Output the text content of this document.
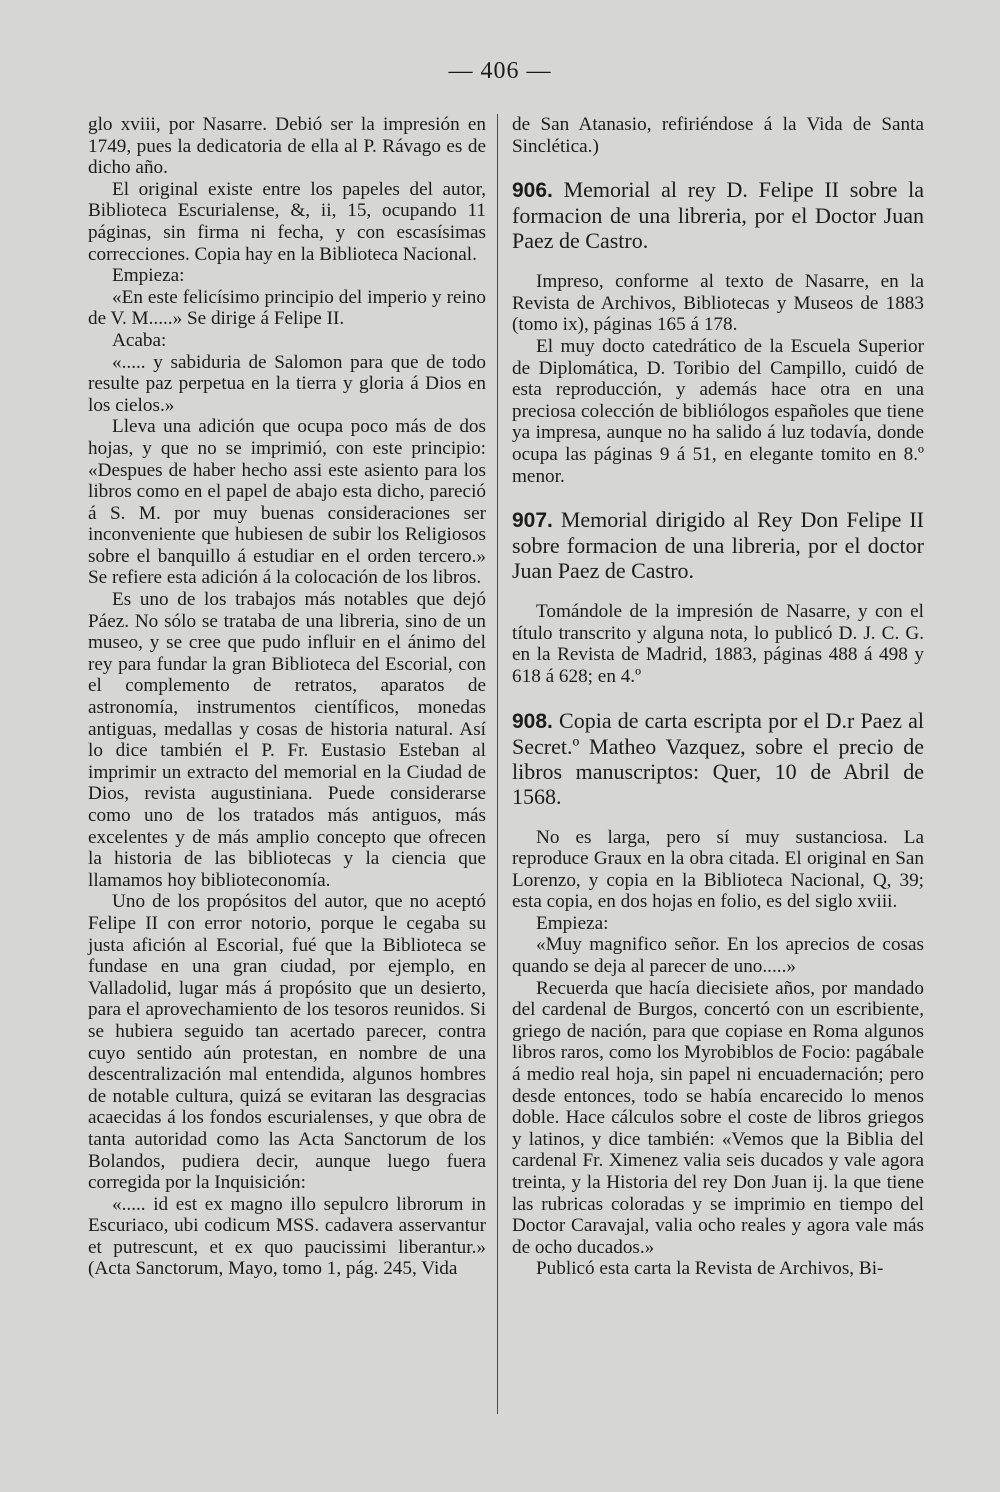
— 406 —

glo xviii, por Nasarre. Debió ser la impresión en 1749, pues la dedicatoria de ella al P. Rávago es de dicho año.

El original existe entre los papeles del autor, Biblioteca Escurialense, &, ii, 15, ocupando 11 páginas, sin firma ni fecha, y con escasísimas correcciones. Copia hay en la Biblioteca Nacional.

Empieza:

«En este felicísimo principio del imperio y reino de V. M.....» Se dirige á Felipe II.

Acaba:

«..... y sabiduria de Salomon para que de todo resulte paz perpetua en la tierra y gloria á Dios en los cielos.»

Lleva una adición que ocupa poco más de dos hojas, y que no se imprimió, con este principio: «Despues de haber hecho assi este asiento para los libros como en el papel de abajo esta dicho, pareció á S. M. por muy buenas consideraciones ser inconveniente que hubiesen de subir los Religiosos sobre el banquillo á estudiar en el orden tercero.» Se refiere esta adición á la colocación de los libros.

Es uno de los trabajos más notables que dejó Páez. No sólo se trataba de una libreria, sino de un museo, y se cree que pudo influir en el ánimo del rey para fundar la gran Biblioteca del Escorial, con el complemento de retratos, aparatos de astronomía, instrumentos científicos, monedas antiguas, medallas y cosas de historia natural. Así lo dice también el P. Fr. Eustasio Esteban al imprimir un extracto del memorial en la Ciudad de Dios, revista augustiniana. Puede considerarse como uno de los tratados más antiguos, más excelentes y de más amplio concepto que ofrecen la historia de las bibliotecas y la ciencia que llamamos hoy biblioteconomía.

Uno de los propósitos del autor, que no aceptó Felipe II con error notorio, porque le cegaba su justa afición al Escorial, fué que la Biblioteca se fundase en una gran ciudad, por ejemplo, en Valladolid, lugar más á propósito que un desierto, para el aprovechamiento de los tesoros reunidos. Si se hubiera seguido tan acertado parecer, contra cuyo sentido aún protestan, en nombre de una descentralización mal entendida, algunos hombres de notable cultura, quizá se evitaran las desgracias acaecidas á los fondos escurialenses, y que obra de tanta autoridad como las Acta Sanctorum de los Bolandos, pudiera decir, aunque luego fuera corregida por la Inquisición:

«..... id est ex magno illo sepulcro librorum in Escuriaco, ubi codicum MSS. cadavera asservantur et putrescunt, et ex quo paucissimi liberantur.» (Acta Sanctorum, Mayo, tomo 1, pág. 245, Vida

de San Atanasio, refiriéndose á la Vida de Santa Sinclética.)

906. Memorial al rey D. Felipe II sobre la formacion de una libreria, por el Doctor Juan Paez de Castro.

Impreso, conforme al texto de Nasarre, en la Revista de Archivos, Bibliotecas y Museos de 1883 (tomo ix), páginas 165 á 178.

El muy docto catedrático de la Escuela Superior de Diplomática, D. Toribio del Campillo, cuidó de esta reproducción, y además hace otra en una preciosa colección de bibliólogos españoles que tiene ya impresa, aunque no ha salido á luz todavía, donde ocupa las páginas 9 á 51, en elegante tomito en 8.º menor.

907. Memorial dirigido al Rey Don Felipe II sobre formacion de una libreria, por el doctor Juan Paez de Castro.

Tomándole de la impresión de Nasarre, y con el título transcrito y alguna nota, lo publicó D. J. C. G. en la Revista de Madrid, 1883, páginas 488 á 498 y 618 á 628; en 4.º

908. Copia de carta escripta por el D.r Paez al Secret.º Matheo Vazquez, sobre el precio de libros manuscriptos: Quer, 10 de Abril de 1568.

No es larga, pero sí muy sustanciosa. La reproduce Graux en la obra citada. El original en San Lorenzo, y copia en la Biblioteca Nacional, Q, 39; esta copia, en dos hojas en folio, es del siglo xviii.

Empieza:

«Muy magnifico señor. En los aprecios de cosas quando se deja al parecer de uno.....»

Recuerda que hacía diecisiete años, por mandado del cardenal de Burgos, concertó con un escribiente, griego de nación, para que copiase en Roma algunos libros raros, como los Myrobiblos de Focio: pagábale á medio real hoja, sin papel ni encuadernación; pero desde entonces, todo se había encarecido lo menos doble. Hace cálculos sobre el coste de libros griegos y latinos, y dice también: «Vemos que la Biblia del cardenal Fr. Ximenez valia seis ducados y vale agora treinta, y la Historia del rey Don Juan ij. la que tiene las rubricas coloradas y se imprimio en tiempo del Doctor Caravajal, valia ocho reales y agora vale más de ocho ducados.»

Publicó esta carta la Revista de Archivos, Bi-
